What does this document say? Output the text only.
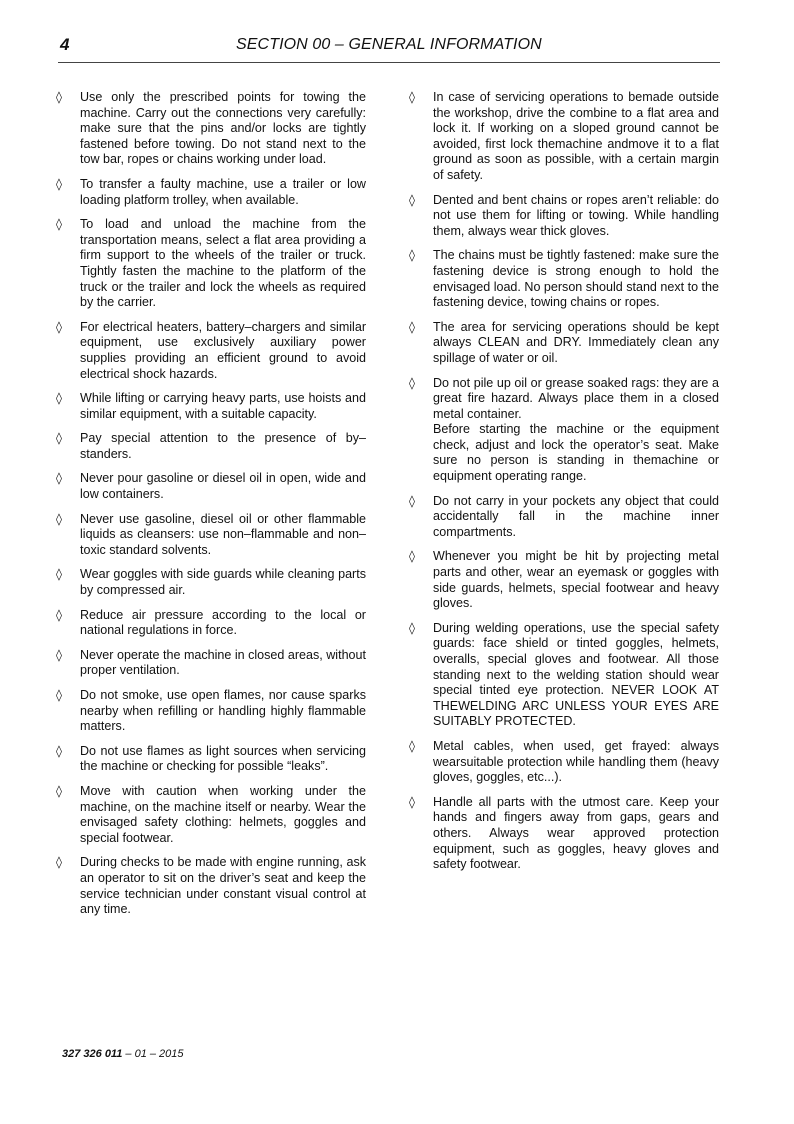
4	SECTION 00 – GENERAL INFORMATION
◊ Use only the prescribed points for towing the machine. Carry out the connections very carefully: make sure that the pins and/or locks are tightly fastened before towing. Do not stand next to the tow bar, ropes or chains working under load.
◊ To transfer a faulty machine, use a trailer or low loading platform trolley, when available.
◊ To load and unload the machine from the transportation means, select a flat area providing a firm support to the wheels of the trailer or truck. Tightly fasten the machine to the platform of the truck or the trailer and lock the wheels as required by the carrier.
◊ For electrical heaters, battery–chargers and similar equipment, use exclusively auxiliary power supplies providing an efficient ground to avoid electrical shock hazards.
◊ While lifting or carrying heavy parts, use hoists and similar equipment, with a suitable capacity.
◊ Pay special attention to the presence of by–standers.
◊ Never pour gasoline or diesel oil in open, wide and low containers.
◊ Never use gasoline, diesel oil or other flammable liquids as cleansers: use non–flammable and non–toxic standard solvents.
◊ Wear goggles with side guards while cleaning parts by compressed air.
◊ Reduce air pressure according to the local or national regulations in force.
◊ Never operate the machine in closed areas, without proper ventilation.
◊ Do not smoke, use open flames, nor cause sparks nearby when refilling or handling highly flammable matters.
◊ Do not use flames as light sources when servicing the machine or checking for possible “leaks”.
◊ Move with caution when working under the machine, on the machine itself or nearby. Wear the envisaged safety clothing: helmets, goggles and special footwear.
◊ During checks to be made with engine running, ask an operator to sit on the driver’s seat and keep the service technician under constant visual control at any time.
◊ In case of servicing operations to bemade outside the workshop, drive the combine to a flat area and lock it. If working on a sloped ground cannot be avoided, first lock themachine andmove it to a flat ground as soon as possible, with a certain margin of safety.
◊ Dented and bent chains or ropes aren’t reliable: do not use them for lifting or towing. While handling them, always wear thick gloves.
◊ The chains must be tightly fastened: make sure the fastening device is strong enough to hold the envisaged load. No person should stand next to the fastening device, towing chains or ropes.
◊ The area for servicing operations should be kept always CLEAN and DRY. Immediately clean any spillage of water or oil.
◊ Do not pile up oil or grease soaked rags: they are a great fire hazard. Always place them in a closed metal container.
Before starting the machine or the equipment check, adjust and lock the operator’s seat. Make sure no person is standing in themachine or equipment operating range.
◊ Do not carry in your pockets any object that could accidentally fall in the machine inner compartments.
◊ Whenever you might be hit by projecting metal parts and other, wear an eyemask or goggles with side guards, helmets, special footwear and heavy gloves.
◊ During welding operations, use the special safety guards: face shield or tinted goggles, helmets, overalls, special gloves and footwear. All those standing next to the welding station should wear special tinted eye protection. NEVER LOOK AT THEWELDING ARC UNLESS YOUR EYES ARE SUITABLY PROTECTED.
◊ Metal cables, when used, get frayed: always wearsuitable protection while handling them (heavy gloves, goggles, etc...).
◊ Handle all parts with the utmost care. Keep your hands and fingers away from gaps, gears and others. Always wear approved protection equipment, such as goggles, heavy gloves and safety footwear.
327 326 011 – 01 – 2015
